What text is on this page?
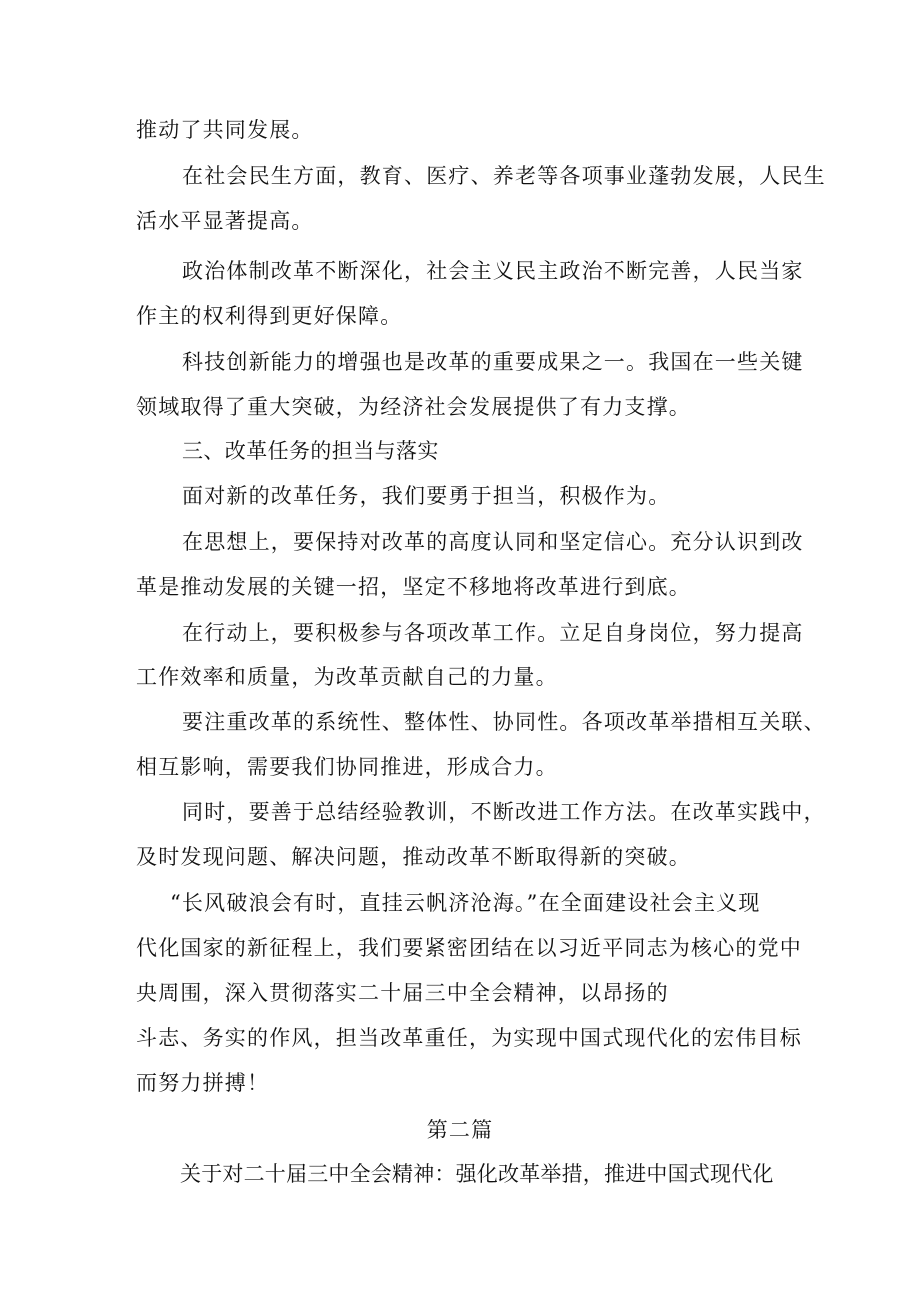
推动了共同发展。
在社会民生方面，教育、医疗、养老等各项事业蓬勃发展，人民生
活水平显著提高。
政治体制改革不断深化，社会主义民主政治不断完善，人民当家
作主的权利得到更好保障。
科技创新能力的增强也是改革的重要成果之一。我国在一些关键
领域取得了重大突破，为经济社会发展提供了有力支撑。
三、改革任务的担当与落实
面对新的改革任务，我们要勇于担当，积极作为。
在思想上，要保持对改革的高度认同和坚定信心。充分认识到改
革是推动发展的关键一招，坚定不移地将改革进行到底。
在行动上，要积极参与各项改革工作。立足自身岗位，努力提高
工作效率和质量，为改革贡献自己的力量。
要注重改革的系统性、整体性、协同性。各项改革举措相互关联、
相互影响，需要我们协同推进，形成合力。
同时，要善于总结经验教训，不断改进工作方法。在改革实践中，
及时发现问题、解决问题，推动改革不断取得新的突破。
“长风破浪会有时，直挂云帆济沧海。”在全面建设社会主义现
代化国家的新征程上，我们要紧密团结在以习近平同志为核心的党中
央周围，深入贯彻落实二十届三中全会精神，以昂扬的
斗志、务实的作风，担当改革重任，为实现中国式现代化的宏伟目标
而努力拼搏！
第二篇
关于对二十届三中全会精神：强化改革举措，推进中国式现代化
